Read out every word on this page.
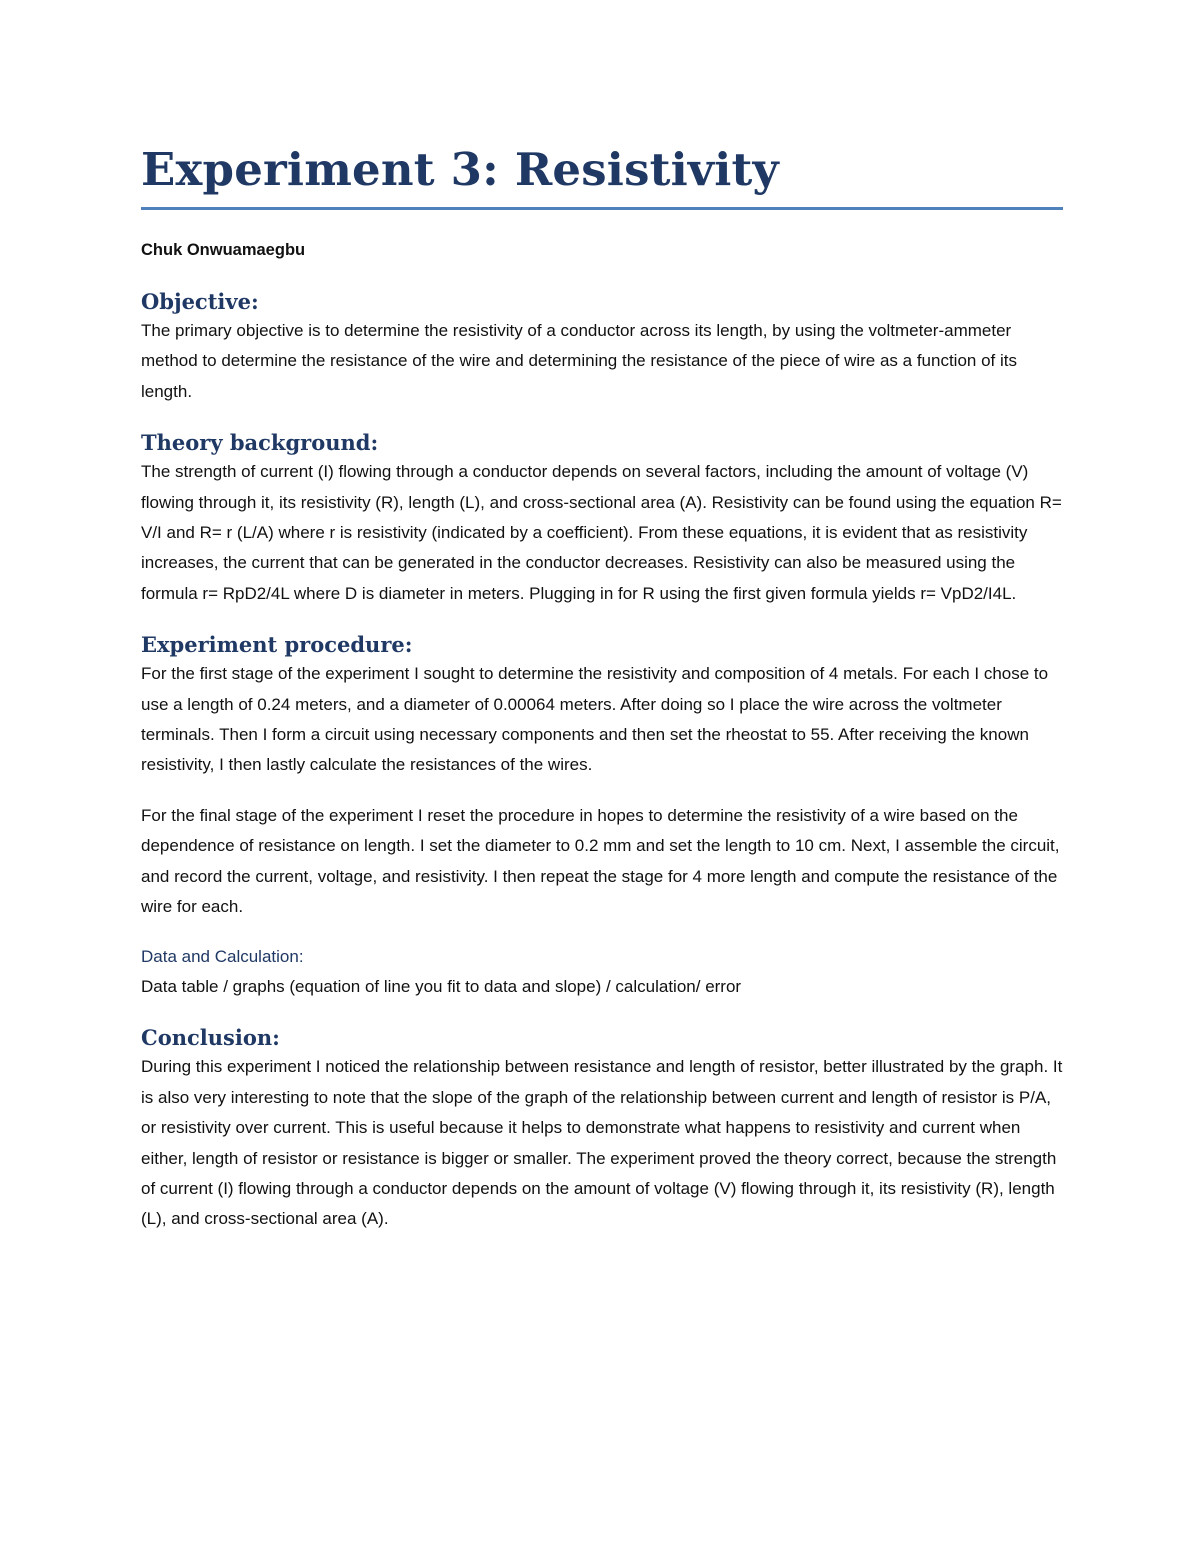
Experiment 3: Resistivity
Chuk Onwuamaegbu
Objective:

The primary objective is to determine the resistivity of a conductor across its length, by using the voltmeter-ammeter method to determine the resistance of the wire and determining the resistance of the piece of wire as a function of its length.

Theory background:

The strength of current (I) flowing through a conductor depends on several factors, including the amount of voltage (V) flowing through it, its resistivity (R), length (L), and cross-sectional area (A). Resistivity can be found using the equation R= V/I and R= r (L/A) where r is resistivity (indicated by a coefficient). From these equations, it is evident that as resistivity increases, the current that can be generated in the conductor decreases. Resistivity can also be measured using the formula r= RpD2/4L where D is diameter in meters. Plugging in for R using the first given formula yields r= VpD2/I4L.

Experiment procedure:

For the first stage of the experiment I sought to determine the resistivity and composition of 4 metals. For each I chose to use a length of 0.24 meters, and a diameter of 0.00064 meters. After doing so I place the wire across the voltmeter terminals. Then I form a circuit using necessary components and then set the rheostat to 55. After receiving the known resistivity, I then lastly calculate the resistances of the wires.

For the final stage of the experiment I reset the procedure in hopes to determine the resistivity of a wire based on the dependence of resistance on length. I set the diameter to 0.2 mm and set the length to 10 cm. Next, I assemble the circuit, and record the current, voltage, and resistivity. I then repeat the stage for 4 more length and compute the resistance of the wire for each.

Data and Calculation:

Data table / graphs (equation of line you fit to data and slope) / calculation/ error

Conclusion:

During this experiment I noticed the relationship between resistance and length of resistor, better illustrated by the graph. It is also very interesting to note that the slope of the graph of the relationship between current and length of resistor is P/A, or resistivity over current. This is useful because it helps to demonstrate what happens to resistivity and current when either, length of resistor or resistance is bigger or smaller. The experiment proved the theory correct, because the strength of current (I) flowing through a conductor depends on the amount of voltage (V) flowing through it, its resistivity (R), length (L), and cross-sectional area (A).
